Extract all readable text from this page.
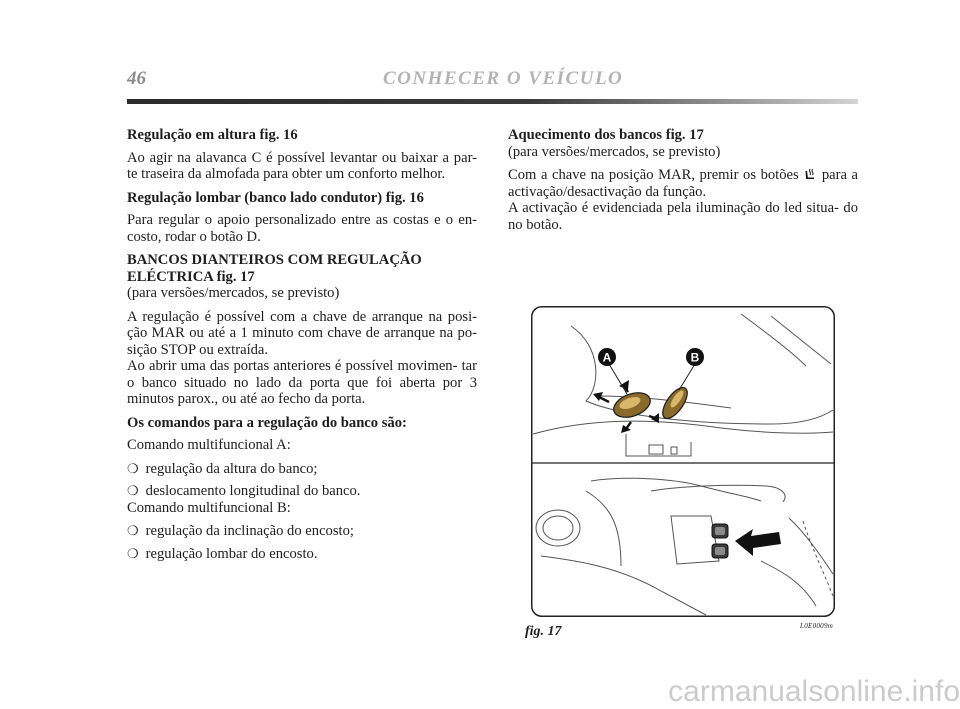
46	CONHECER O VEÍCULO
Regulação em altura fig. 16

Ao agir na alavanca C é possível levantar ou baixar a par- te traseira da almofada para obter um conforto melhor.

Regulação lombar (banco lado condutor) fig. 16

Para regular o apoio personalizado entre as costas e o en- costo, rodar o botão D.

BANCOS DIANTEIROS COM REGULAÇÃO
ELÉCTRICA fig. 17

(para versões/mercados, se previsto)

A regulação é possível com a chave de arranque na posi- ção MAR ou até a 1 minuto com chave de arranque na po- sição STOP ou extraída.

Ao abrir uma das portas anteriores é possível movimen- tar o banco situado no lado da porta que foi aberta por 3 minutos parox., ou até ao fecho da porta.

Os comandos para a regulação do banco são:

Comando multifuncional A:

❍ regulação da altura do banco;
❍ deslocamento longitudinal do banco.

Comando multifuncional B:

❍ regulação da inclinação do encosto;
❍ regulação lombar do encosto.
Aquecimento dos bancos fig. 17

(para versões/mercados, se previsto)

Com a chave na posição MAR, premir os botões para a activação/desactivação da função.

A activação é evidenciada pela iluminação do led situa- do no botão.

A	B
fig. 17	L0E0009m
carmanualsonline.info
